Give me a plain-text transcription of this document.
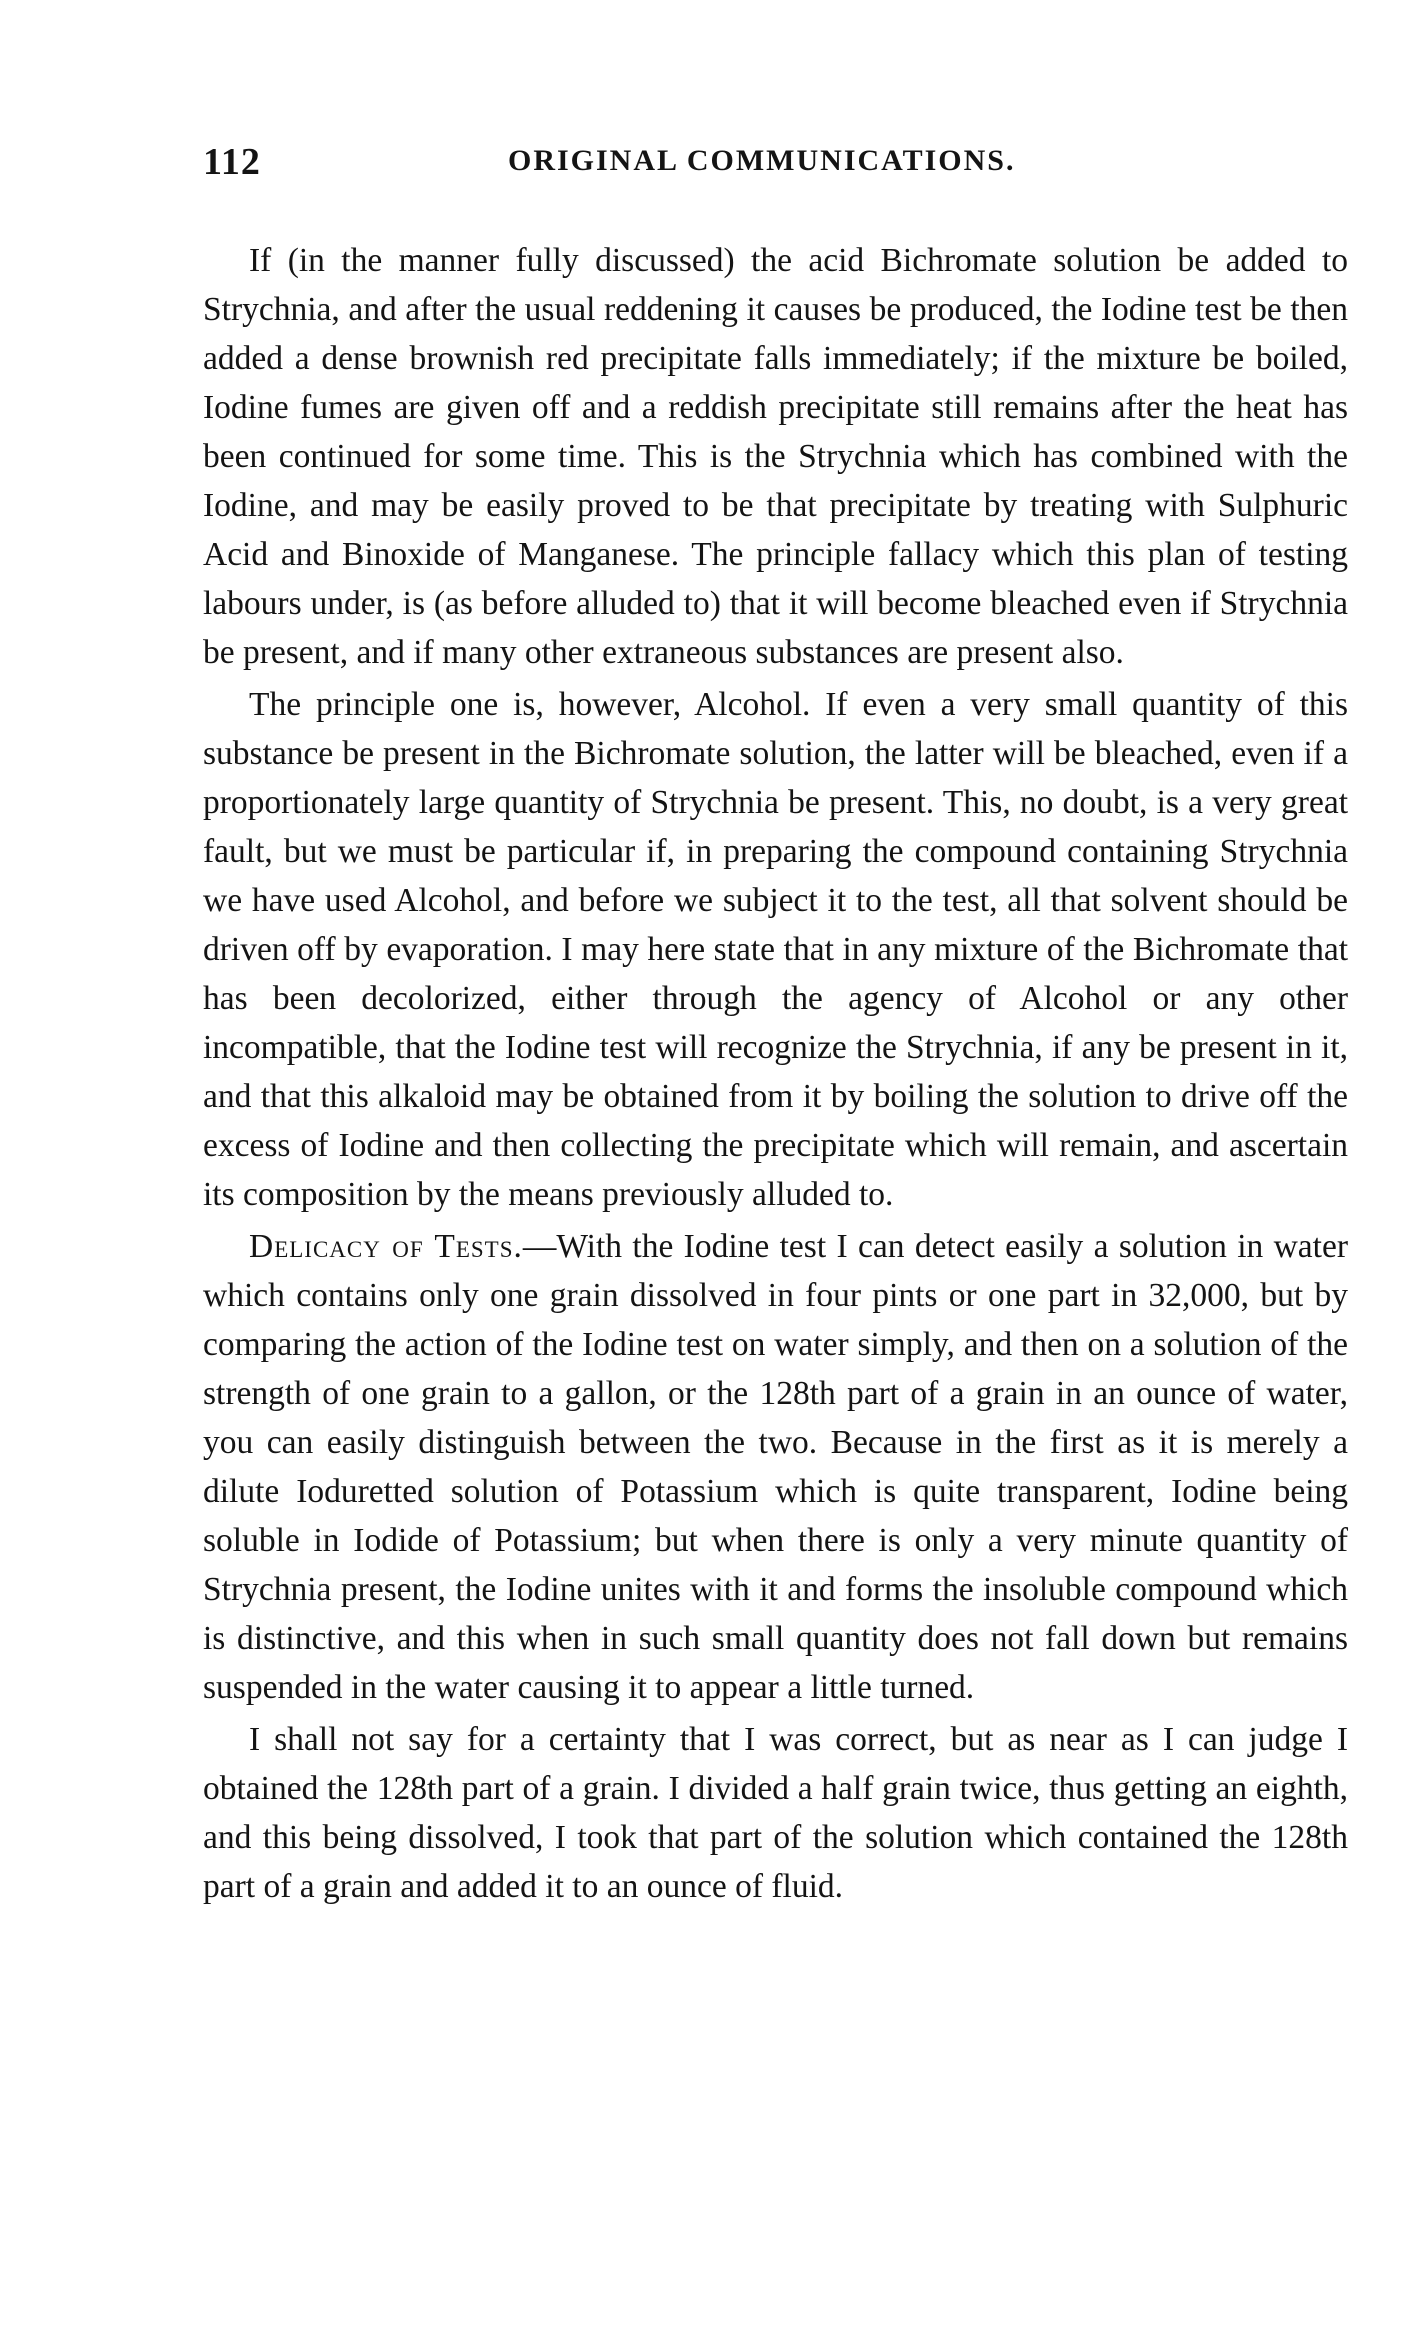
112	ORIGINAL COMMUNICATIONS.

If (in the manner fully discussed) the acid Bichromate solution be added to Strychnia, and after the usual reddening it causes be produced, the Iodine test be then added a dense brownish red precipitate falls immediately; if the mixture be boiled, Iodine fumes are given off and a reddish precipitate still remains after the heat has been continued for some time. This is the Strychnia which has combined with the Iodine, and may be easily proved to be that precipitate by treating with Sulphuric Acid and Binoxide of Manganese. The principle fallacy which this plan of testing labours under, is (as before alluded to) that it will become bleached even if Strychnia be present, and if many other extraneous substances are present also.

The principle one is, however, Alcohol. If even a very small quantity of this substance be present in the Bichromate solution, the latter will be bleached, even if a proportionately large quantity of Strychnia be present. This, no doubt, is a very great fault, but we must be particular if, in preparing the compound containing Strychnia we have used Alcohol, and before we subject it to the test, all that solvent should be driven off by evaporation. I may here state that in any mixture of the Bichromate that has been decolorized, either through the agency of Alcohol or any other incompatible, that the Iodine test will recognize the Strychnia, if any be present in it, and that this alkaloid may be obtained from it by boiling the solution to drive off the excess of Iodine and then collecting the precipitate which will remain, and ascertain its composition by the means previously alluded to.

Delicacy of Tests.—With the Iodine test I can detect easily a solution in water which contains only one grain dissolved in four pints or one part in 32,000, but by comparing the action of the Iodine test on water simply, and then on a solution of the strength of one grain to a gallon, or the 128th part of a grain in an ounce of water, you can easily distinguish between the two. Because in the first as it is merely a dilute Ioduretted solution of Potassium which is quite transparent, Iodine being soluble in Iodide of Potassium; but when there is only a very minute quantity of Strychnia present, the Iodine unites with it and forms the insoluble compound which is distinctive, and this when in such small quantity does not fall down but remains suspended in the water causing it to appear a little turned.

I shall not say for a certainty that I was correct, but as near as I can judge I obtained the 128th part of a grain. I divided a half grain twice, thus getting an eighth, and this being dissolved, I took that part of the solution which contained the 128th part of a grain and added it to an ounce of fluid.
